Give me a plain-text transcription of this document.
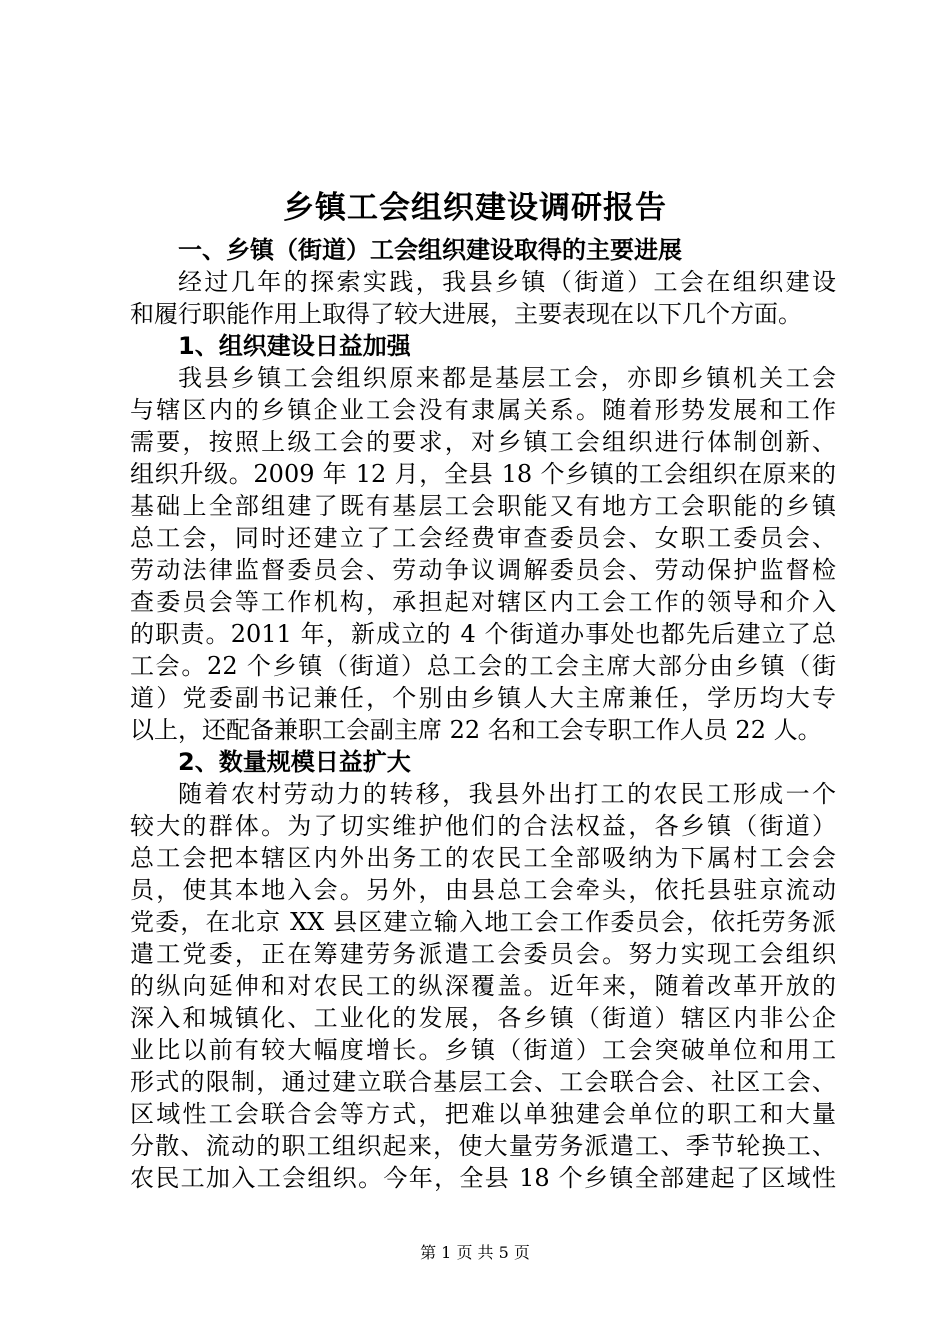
乡镇工会组织建设调研报告
一、乡镇（街道）工会组织建设取得的主要进展
经过几年的探索实践，我县乡镇（街道）工会在组织建设
和履行职能作用上取得了较大进展，主要表现在以下几个方面。
1、组织建设日益加强
我县乡镇工会组织原来都是基层工会，亦即乡镇机关工会
与辖区内的乡镇企业工会没有隶属关系。随着形势发展和工作
需要，按照上级工会的要求，对乡镇工会组织进行体制创新、
组织升级。2009 年 12 月，全县 18 个乡镇的工会组织在原来的
基础上全部组建了既有基层工会职能又有地方工会职能的乡镇
总工会，同时还建立了工会经费审查委员会、女职工委员会、
劳动法律监督委员会、劳动争议调解委员会、劳动保护监督检
查委员会等工作机构，承担起对辖区内工会工作的领导和介入
的职责。2011 年，新成立的 4 个街道办事处也都先后建立了总
工会。22 个乡镇（街道）总工会的工会主席大部分由乡镇（街
道）党委副书记兼任，个别由乡镇人大主席兼任，学历均大专
以上，还配备兼职工会副主席 22 名和工会专职工作人员 22 人。
2、数量规模日益扩大
随着农村劳动力的转移，我县外出打工的农民工形成一个
较大的群体。为了切实维护他们的合法权益，各乡镇（街道）
总工会把本辖区内外出务工的农民工全部吸纳为下属村工会会
员，使其本地入会。另外，由县总工会牵头，依托县驻京流动
党委，在北京 XX 县区建立输入地工会工作委员会，依托劳务派
遣工党委，正在筹建劳务派遣工会委员会。努力实现工会组织
的纵向延伸和对农民工的纵深覆盖。近年来，随着改革开放的
深入和城镇化、工业化的发展，各乡镇（街道）辖区内非公企
业比以前有较大幅度增长。乡镇（街道）工会突破单位和用工
形式的限制，通过建立联合基层工会、工会联合会、社区工会、
区域性工会联合会等方式，把难以单独建会单位的职工和大量
分散、流动的职工组织起来，使大量劳务派遣工、季节轮换工、
农民工加入工会组织。今年，全县 18 个乡镇全部建起了区域性
第 1 页 共 5 页
